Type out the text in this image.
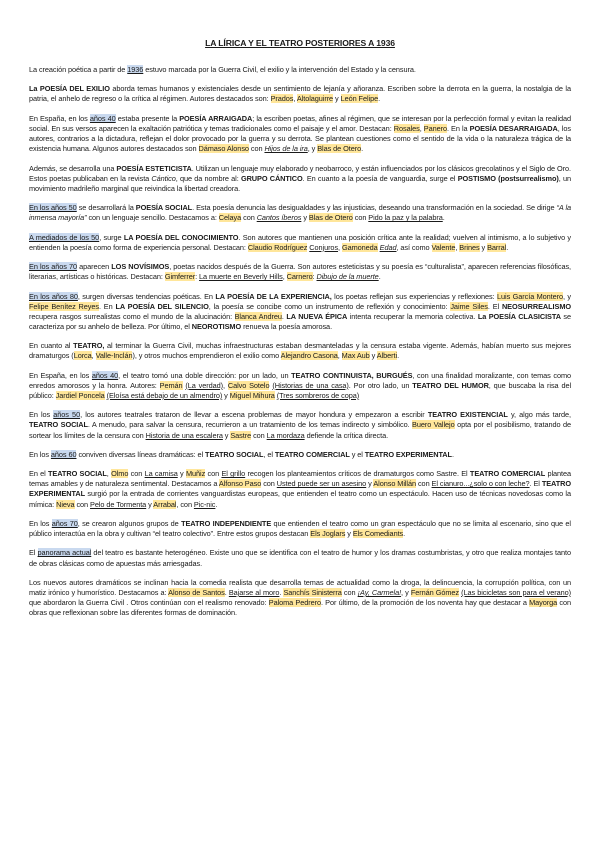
LA LÍRICA Y EL TEATRO POSTERIORES A 1936

La creación poética a partir de 1936 estuvo marcada por la Guerra Civil, el exilio y la intervención del Estado y la censura.

La POESÍA DEL EXILIO aborda temas humanos y existenciales desde un sentimiento de lejanía y añoranza. Escriben sobre la derrota en la guerra, la nostalgia de la patria, el anhelo de regreso o la crítica al régimen. Autores destacados son: Prados, Altolaguirre y León Felipe.

En España, en los años 40 estaba presente la POESÍA ARRAIGADA; la escriben poetas, afines al régimen, que se interesan por la perfección formal y evitan la realidad social. En sus versos aparecen la exaltación patriótica y temas tradicionales como el paisaje y el amor. Destacan: Rosales, Panero. En la POESÍA DESARRAIGADA, los autores, contrarios a la dictadura, reflejan el dolor provocado por la guerra y su derrota. Se plantean cuestiones como el sentido de la vida o la naturaleza trágica de la existencia humana. Algunos autores destacados son Dámaso Alonso con Hijos de la ira, y Blas de Otero.

Además, se desarrolla una POESÍA ESTETICISTA. Utilizan un lenguaje muy elaborado y neobarroco, y están influenciados por los clásicos grecolatinos y el Siglo de Oro. Estos poetas publicaban en la revista Cántico, que da nombre al: GRUPO CÁNTICO. En cuanto a la poesía de vanguardia, surge el POSTISMO (postsurrealismo), un movimiento madrileño marginal que reivindica la libertad creadora.

En los años 50 se desarrollará la POESÍA SOCIAL. Esta poesía denuncia las desigualdades y las injusticias, deseando una transformación en la sociedad. Se dirige “A la inmensa mayoría” con un lenguaje sencillo. Destacamos a: Celaya con Cantos íberos y Blas de Otero con Pido la paz y la palabra.

A mediados de los 50, surge LA POESÍA DEL CONOCIMIENTO. Son autores que mantienen una posición crítica ante la realidad; vuelven al intimismo, a lo subjetivo y entienden la poesía como forma de experiencia personal. Destacan: Claudio Rodríguez Conjuros, Gamoneda Edad, así como Valente, Brines y Barral.

En los años 70 aparecen LOS NOVÍSIMOS, poetas nacidos después de la Guerra. Son autores esteticistas y su poesía es “culturalista”, aparecen referencias filosóficas, literarias, artísticas o históricas. Destacan: Gimferrer: La muerte en Beverly Hills, Carnero: Dibujo de la muerte.

En los años 80, surgen diversas tendencias poéticas. En LA POESÍA DE LA EXPERIENCIA, los poetas reflejan sus experiencias y reflexiones: Luis García Montero, y Felipe Benítez Reyes. En LA POESÍA DEL SILENCIO, la poesía se concibe como un instrumento de reflexión y conocimiento: Jaime Siles. El NEOSURREALISMO recupera rasgos surrealistas como el mundo de la alucinación: Blanca Andreu. LA NUEVA ÉPICA intenta recuperar la memoria colectiva. La POESÍA CLASICISTA se caracteriza por su anhelo de belleza. Por último, el NEOROTISMO renueva la poesía amorosa.

En cuanto al TEATRO, al terminar la Guerra Civil, muchas infraestructuras estaban desmanteladas y la censura estaba vigente. Además, habían muerto sus mejores dramaturgos (Lorca, Valle-Inclán), y otros muchos emprendieron el exilio como Alejandro Casona, Max Aub y Alberti.

En España, en los años 40, el teatro tomó una doble dirección: por un lado, un TEATRO CONTINUISTA, BURGUÉS, con una finalidad moralizante, con temas como enredos amorosos y la honra. Autores: Pemán (La verdad), Calvo Sotelo (Historias de una casa). Por otro lado, un TEATRO DEL HUMOR, que buscaba la risa del público: Jardiel Poncela (Eloísa está debajo de un almendro) y Miguel Mihura (Tres sombreros de copa)

En los años 50, los autores teatrales trataron de llevar a escena problemas de mayor hondura y empezaron a escribir TEATRO EXISTENCIAL y, algo más tarde, TEATRO SOCIAL. A menudo, para salvar la censura, recurrieron a un tratamiento de los temas indirecto y simbólico. Buero Vallejo opta por el posibilismo, tratando de sortear los límites de la censura con Historia de una escalera y Sastre con La mordaza defiende la crítica directa.

En los años 60 conviven diversas líneas dramáticas: el TEATRO SOCIAL, el TEATRO COMERCIAL y el TEATRO EXPERIMENTAL.

En el TEATRO SOCIAL, Olmo con La camisa y Muñiz con El grillo recogen los planteamientos críticos de dramaturgos como Sastre. El TEATRO COMERCIAL plantea temas amables y de naturaleza sentimental. Destacamos a Alfonso Paso con Usted puede ser un asesino y Alonso Millán con El cianuro...¿solo o con leche?. El TEATRO EXPERIMENTAL surgió por la entrada de corrientes vanguardistas europeas, que entienden el teatro como un espectáculo. Hacen uso de técnicas novedosas como la mímica: Nieva con Pelo de Tormenta y Arrabal, con Pic-nic.

En los años 70, se crearon algunos grupos de TEATRO INDEPENDIENTE que entienden el teatro como un gran espectáculo que no se limita al escenario, sino que el público interactúa en la obra y cultivan “el teatro colectivo”. Entre estos grupos destacan Els Joglars y Els Comediants.

El panorama actual del teatro es bastante heterogéneo. Existe uno que se identifica con el teatro de humor y los dramas costumbristas, y otro que realiza montajes tanto de obras clásicas como de apuestas más arriesgadas.

Los nuevos autores dramáticos se inclinan hacia la comedia realista que desarrolla temas de actualidad como la droga, la delincuencia, la corrupción política, con un matiz irónico y humorístico. Destacamos a: Alonso de Santos. Bajarse al moro. Sanchís Sinisterra con ¡Ay, Carmela!, y Fernán Gómez (Las bicicletas son para el verano) que abordaron la Guerra Civil . Otros continúan con el realismo renovado: Paloma Pedrero. Por último, de la promoción de los noventa hay que destacar a Mayorga con obras que reflexionan sobre las diferentes formas de dominación.
